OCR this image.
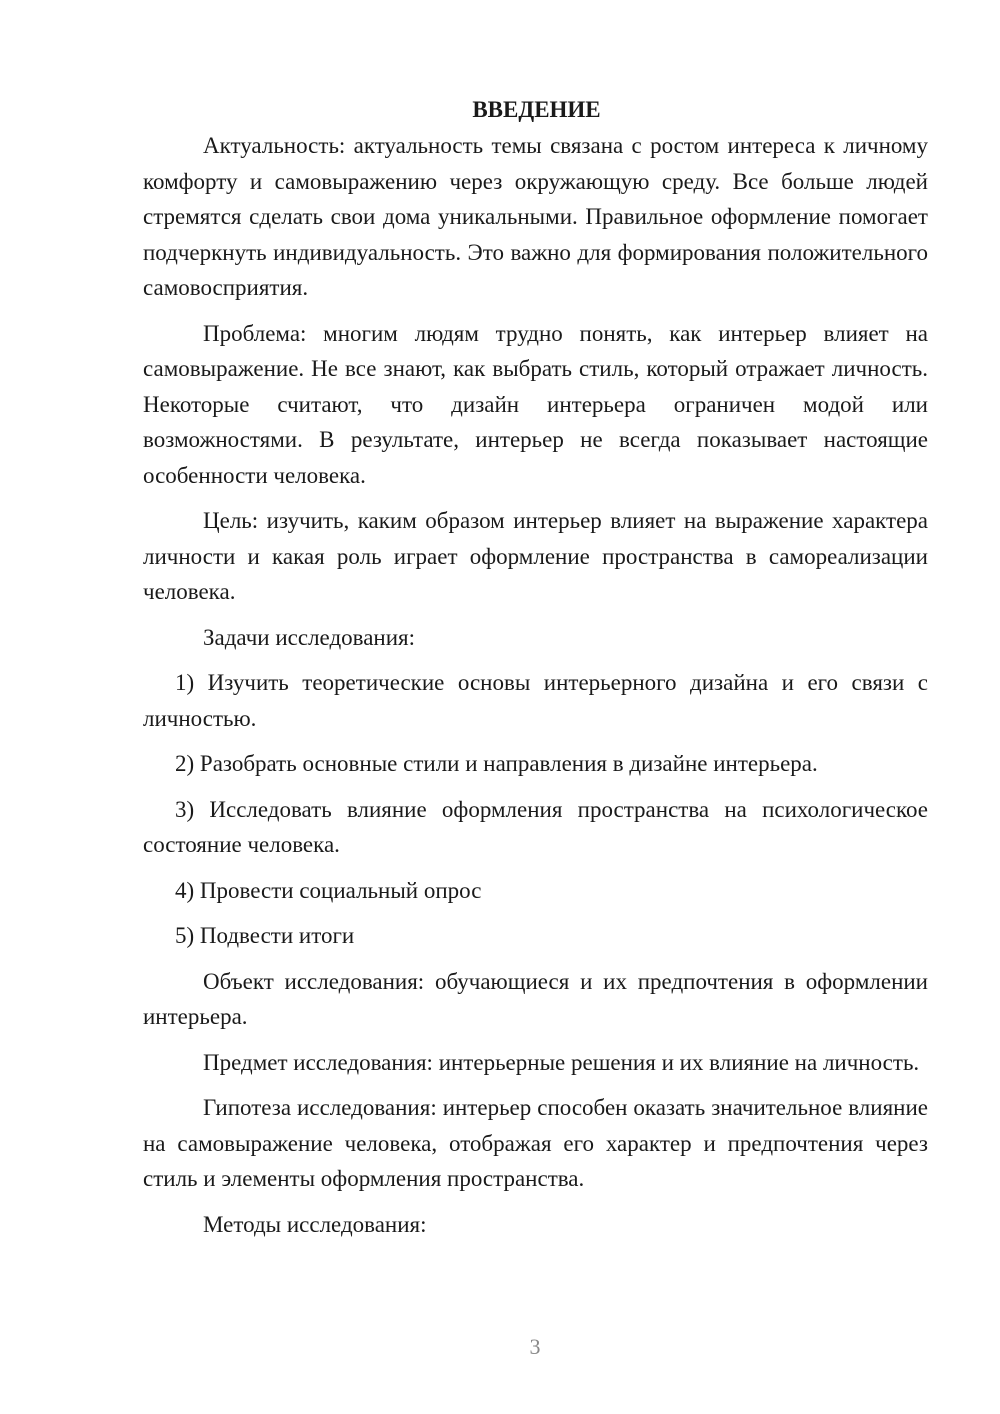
ВВЕДЕНИЕ

Актуальность: актуальность темы связана с ростом интереса к личному комфорту и самовыражению через окружающую среду. Все больше людей стремятся сделать свои дома уникальными. Правильное оформление помогает подчеркнуть индивидуальность. Это важно для формирования положительного самовосприятия.

Проблема: многим людям трудно понять, как интерьер влияет на самовыражение. Не все знают, как выбрать стиль, который отражает личность. Некоторые считают, что дизайн интерьера ограничен модой или возможностями. В результате, интерьер не всегда показывает настоящие особенности человека.

Цель: изучить, каким образом интерьер влияет на выражение характера личности и какая роль играет оформление пространства в самореализации человека.

Задачи исследования:

1) Изучить теоретические основы интерьерного дизайна и его связи с личностью.

2) Разобрать основные стили и направления в дизайне интерьера.

3) Исследовать влияние оформления пространства на психологическое состояние человека.

4) Провести социальный опрос

5) Подвести итоги

Объект исследования: обучающиеся и их предпочтения в оформлении интерьера.

Предмет исследования: интерьерные решения и их влияние на личность.

Гипотеза исследования: интерьер способен оказать значительное влияние на самовыражение человека, отображая его характер и предпочтения через стиль и элементы оформления пространства.

Методы исследования:

3
